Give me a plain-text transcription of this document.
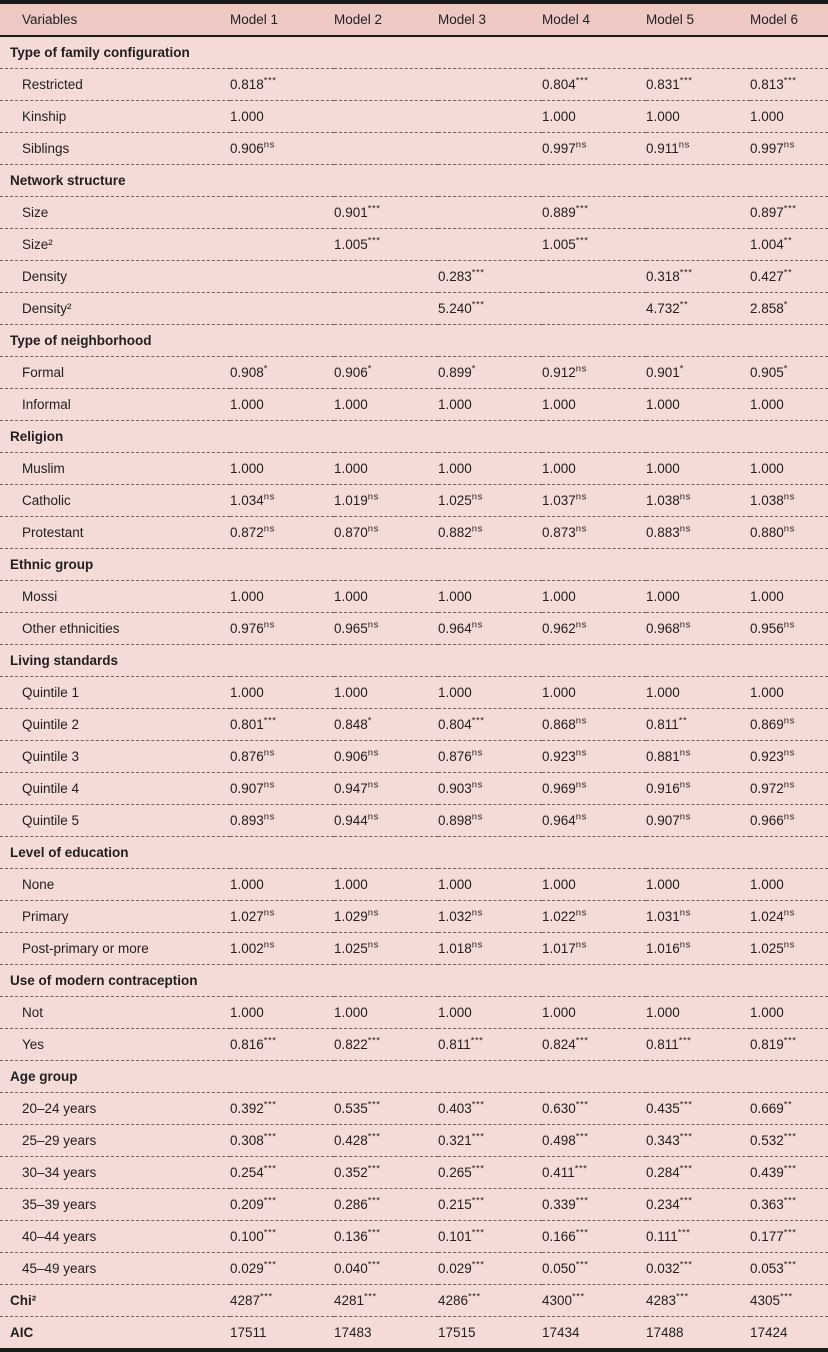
Variables	Model 1	Model 2	Model 3	Model 4	Model 5	Model 6
Type of family configuration						
Restricted	0.818***			0.804***	0.831***	0.813***
Kinship	1.000			1.000	1.000	1.000
Siblings	$0.906^{ns}$			$0.997^{ns}$	$0.911^{ns}$	$0.997^{ns}$
Network structure						
Size		0.901***		0.889***		0.897***
Size²		1.005***		1.005***		1.004**
Density			0.283***		0.318***	0.427**
Density²			5.240***		4.732**	2.858*
Type of neighborhood						
Formal	0.908*	0.906*	0.899*	$0.912^{ns}$	0.901*	0.905*
Informal	1.000	1.000	1.000	1.000	1.000	1.000
Religion						
Muslim	1.000	1.000	1.000	1.000	1.000	1.000
Catholic	$1.034^{ns}$	$1.019^{ns}$	$1.025^{ns}$	$1.037^{ns}$	$1.038^{ns}$	$1.038^{ns}$
Protestant	$0.872^{ns}$	$0.870^{ns}$	$0.882^{ns}$	$0.873^{ns}$	$0.883^{ns}$	$0.880^{ns}$
Ethnic group						
Mossi	1.000	1.000	1.000	1.000	1.000	1.000
Other ethnicities	$0.976^{ns}$	$0.965^{ns}$	$0.964^{ns}$	$0.962^{ns}$	$0.968^{ns}$	$0.956^{ns}$
Living standards						
Quintile 1	1.000	1.000	1.000	1.000	1.000	1.000
Quintile 2	0.801***	0.848*	0.804***	$0.868^{ns}$	0.811**	$0.869^{ns}$
Quintile 3	$0.876^{ns}$	$0.906^{ns}$	$0.876^{ns}$	$0.923^{ns}$	$0.881^{ns}$	$0.923^{ns}$
Quintile 4	$0.907^{ns}$	$0.947^{ns}$	$0.903^{ns}$	$0.969^{ns}$	$0.916^{ns}$	$0.972^{ns}$
Quintile 5	$0.893^{ns}$	$0.944^{ns}$	$0.898^{ns}$	$0.964^{ns}$	$0.907^{ns}$	$0.966^{ns}$
Level of education						
None	1.000	1.000	1.000	1.000	1.000	1.000
Primary	$1.027^{ns}$	$1.029^{ns}$	$1.032^{ns}$	$1.022^{ns}$	$1.031^{ns}$	$1.024^{ns}$
Post-primary or more	$1.002^{ns}$	$1.025^{ns}$	$1.018^{ns}$	$1.017^{ns}$	$1.016^{ns}$	$1.025^{ns}$
Use of modern contraception						
Not	1.000	1.000	1.000	1.000	1.000	1.000
Yes	0.816***	0.822***	0.811***	0.824***	0.811***	0.819***
Age group						
20–24 years	0.392***	0.535***	0.403***	0.630***	0.435***	0.669**
25–29 years	0.308***	0.428***	0.321***	0.498***	0.343***	0.532***
30–34 years	0.254***	0.352***	0.265***	0.411***	0.284***	0.439***
35–39 years	0.209***	0.286***	0.215***	0.339***	0.234***	0.363***
40–44 years	0.100***	0.136***	0.101***	0.166***	0.111***	0.177***
45–49 years	0.029***	0.040***	0.029***	0.050***	0.032***	0.053***
Chi²	4287***	4281***	4286***	4300***	4283***	4305***
AIC	17511	17483	17515	17434	17488	17424
